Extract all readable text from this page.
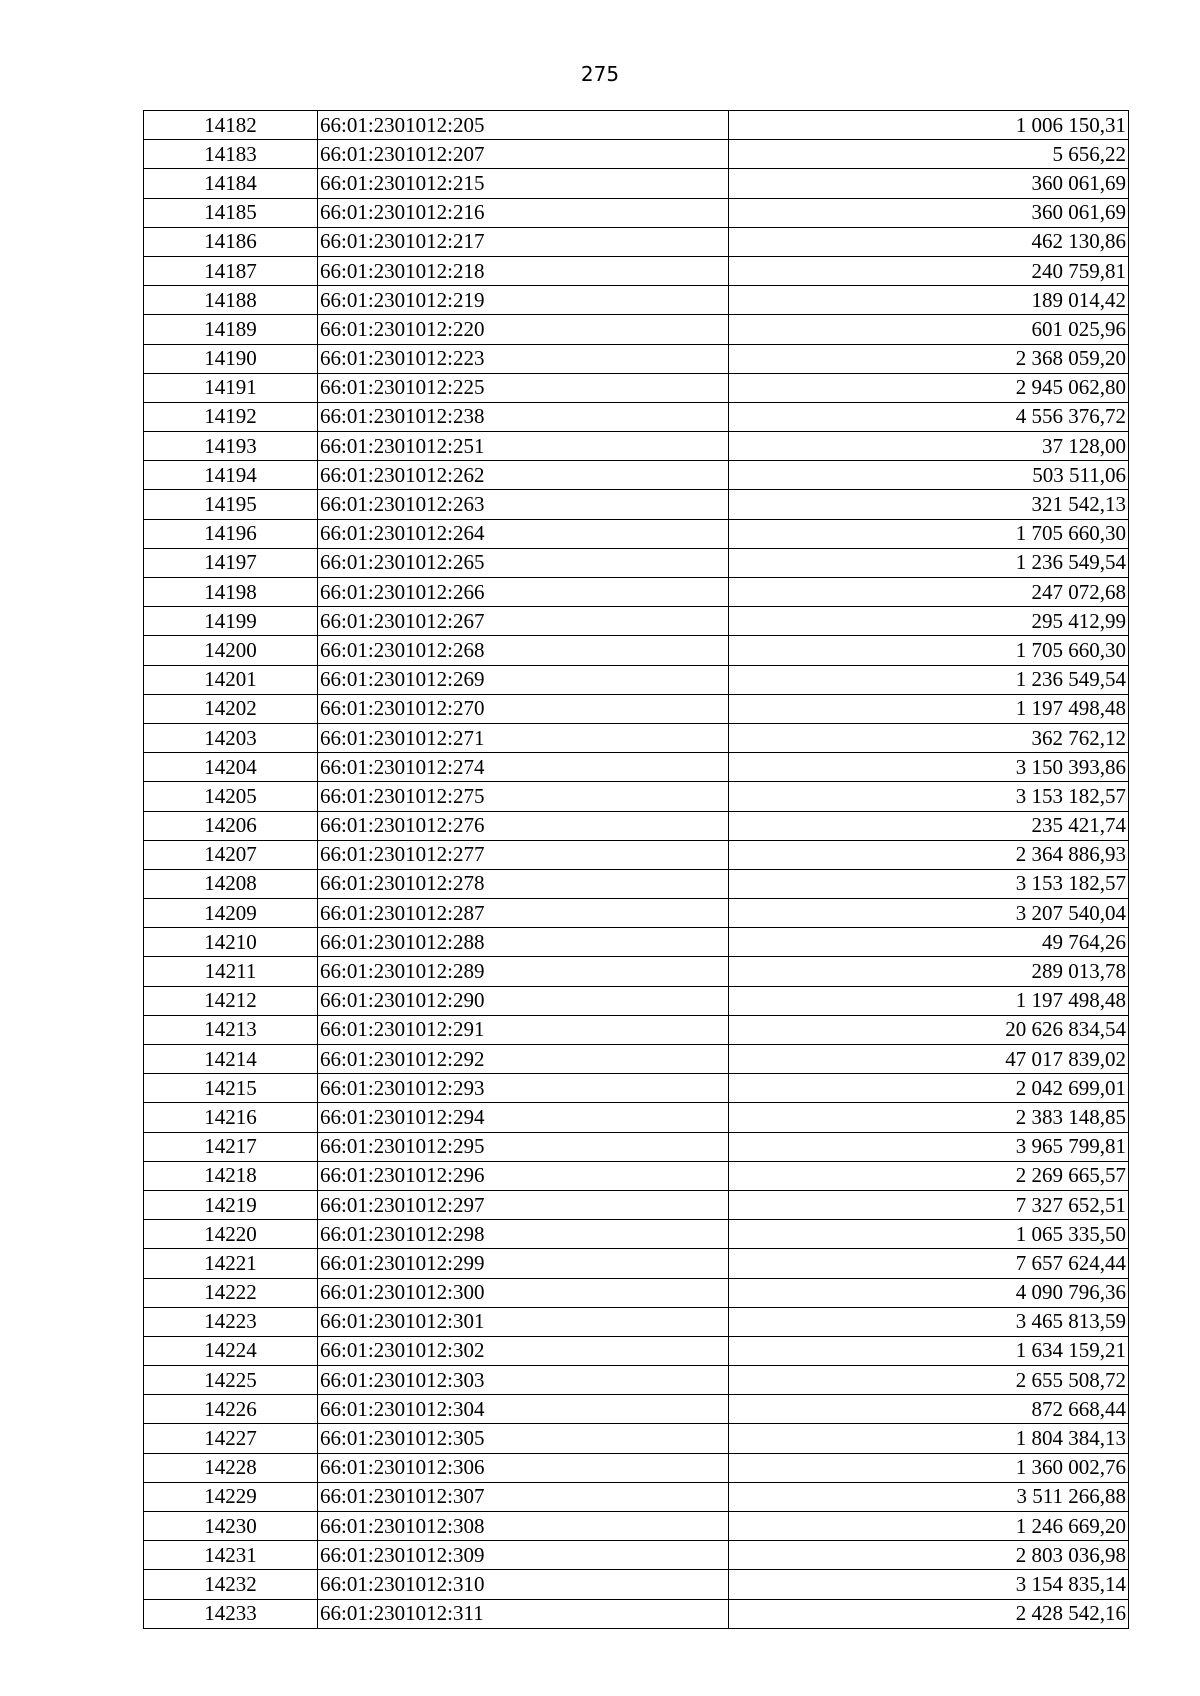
275
14182	66:01:2301012:205	1 006 150,31
14183	66:01:2301012:207	5 656,22
14184	66:01:2301012:215	360 061,69
14185	66:01:2301012:216	360 061,69
14186	66:01:2301012:217	462 130,86
14187	66:01:2301012:218	240 759,81
14188	66:01:2301012:219	189 014,42
14189	66:01:2301012:220	601 025,96
14190	66:01:2301012:223	2 368 059,20
14191	66:01:2301012:225	2 945 062,80
14192	66:01:2301012:238	4 556 376,72
14193	66:01:2301012:251	37 128,00
14194	66:01:2301012:262	503 511,06
14195	66:01:2301012:263	321 542,13
14196	66:01:2301012:264	1 705 660,30
14197	66:01:2301012:265	1 236 549,54
14198	66:01:2301012:266	247 072,68
14199	66:01:2301012:267	295 412,99
14200	66:01:2301012:268	1 705 660,30
14201	66:01:2301012:269	1 236 549,54
14202	66:01:2301012:270	1 197 498,48
14203	66:01:2301012:271	362 762,12
14204	66:01:2301012:274	3 150 393,86
14205	66:01:2301012:275	3 153 182,57
14206	66:01:2301012:276	235 421,74
14207	66:01:2301012:277	2 364 886,93
14208	66:01:2301012:278	3 153 182,57
14209	66:01:2301012:287	3 207 540,04
14210	66:01:2301012:288	49 764,26
14211	66:01:2301012:289	289 013,78
14212	66:01:2301012:290	1 197 498,48
14213	66:01:2301012:291	20 626 834,54
14214	66:01:2301012:292	47 017 839,02
14215	66:01:2301012:293	2 042 699,01
14216	66:01:2301012:294	2 383 148,85
14217	66:01:2301012:295	3 965 799,81
14218	66:01:2301012:296	2 269 665,57
14219	66:01:2301012:297	7 327 652,51
14220	66:01:2301012:298	1 065 335,50
14221	66:01:2301012:299	7 657 624,44
14222	66:01:2301012:300	4 090 796,36
14223	66:01:2301012:301	3 465 813,59
14224	66:01:2301012:302	1 634 159,21
14225	66:01:2301012:303	2 655 508,72
14226	66:01:2301012:304	872 668,44
14227	66:01:2301012:305	1 804 384,13
14228	66:01:2301012:306	1 360 002,76
14229	66:01:2301012:307	3 511 266,88
14230	66:01:2301012:308	1 246 669,20
14231	66:01:2301012:309	2 803 036,98
14232	66:01:2301012:310	3 154 835,14
14233	66:01:2301012:311	2 428 542,16
